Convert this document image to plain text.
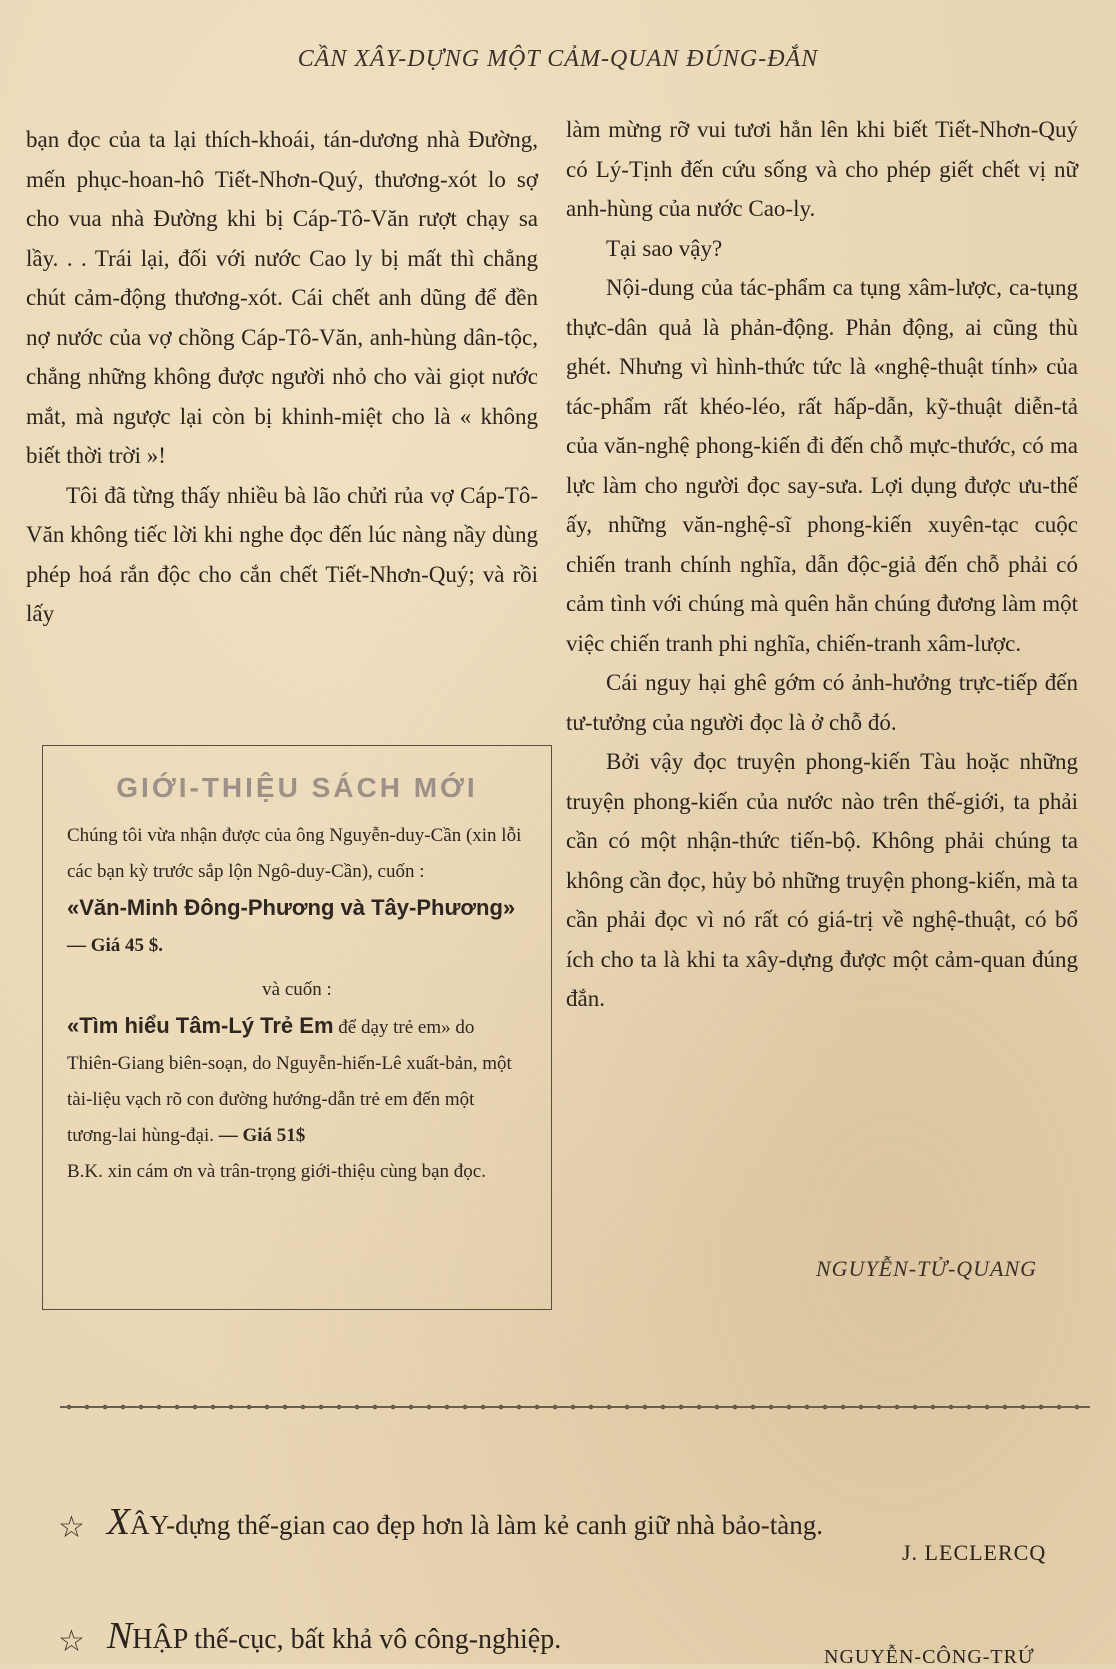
CẦN XÂY-DỰNG MỘT CẢM-QUAN ĐÚNG-ĐẮN

bạn đọc của ta lại thích-khoái, tán-dương nhà Đường, mến phục-hoan-hô Tiết-Nhơn-Quý, thương-xót lo sợ cho vua nhà Đường khi bị Cáp-Tô-Văn rượt chạy sa lầy. . . Trái lại, đối với nước Cao ly bị mất thì chẳng chút cảm-động thương-xót. Cái chết anh dũng để đền nợ nước của vợ chồng Cáp-Tô-Văn, anh-hùng dân-tộc, chẳng những không được người nhỏ cho vài giọt nước mắt, mà ngược lại còn bị khinh-miệt cho là « không biết thời trời »!

Tôi đã từng thấy nhiều bà lão chửi rủa vợ Cáp-Tô-Văn không tiếc lời khi nghe đọc đến lúc nàng nầy dùng phép hoá rắn độc cho cắn chết Tiết-Nhơn-Quý; và rồi lấy

làm mừng rỡ vui tươi hẳn lên khi biết Tiết-Nhơn-Quý có Lý-Tịnh đến cứu sống và cho phép giết chết vị nữ anh-hùng của nước Cao-ly.

Tại sao vậy?

Nội-dung của tác-phẩm ca tụng xâm-lược, ca-tụng thực-dân quả là phản-động. Phản động, ai cũng thù ghét. Nhưng vì hình-thức tức là «nghệ-thuật tính» của tác-phẩm rất khéo-léo, rất hấp-dẫn, kỹ-thuật diễn-tả của văn-nghệ phong-kiến đi đến chỗ mực-thước, có ma lực làm cho người đọc say-sưa. Lợi dụng được ưu-thế ấy, những văn-nghệ-sĩ phong-kiến xuyên-tạc cuộc chiến tranh chính nghĩa, dẫn độc-giả đến chỗ phải có cảm tình với chúng mà quên hẳn chúng đương làm một việc chiến tranh phi nghĩa, chiến-tranh xâm-lược.

Cái nguy hại ghê gớm có ảnh-hưởng trực-tiếp đến tư-tưởng của người đọc là ở chỗ đó.

Bởi vậy đọc truyện phong-kiến Tàu hoặc những truyện phong-kiến của nước nào trên thế-giới, ta phải cần có một nhận-thức tiến-bộ. Không phải chúng ta không cần đọc, hủy bỏ những truyện phong-kiến, mà ta cần phải đọc vì nó rất có giá-trị về nghệ-thuật, có bổ ích cho ta là khi ta xây-dựng được một cảm-quan đúng đắn.

NGUYỄN-TỬ-QUANG
GIỚI-THIỆU SÁCH MỚI

Chúng tôi vừa nhận được của ông Nguyễn-duy-Cần (xin lỗi các bạn kỳ trước sắp lộn Ngô-duy-Cần), cuốn :

«Văn-Minh Đông-Phương và Tây-Phương» — Giá 45 $.

và cuốn :

«Tìm hiểu Tâm-Lý Trẻ Em để dạy trẻ em» do Thiên-Giang biên-soạn, do Nguyễn-hiến-Lê xuất-bản, một tài-liệu vạch rõ con đường hướng-dẫn trẻ em đến một tương-lai hùng-đại. — Giá 51$

B.K. xin cám ơn và trân-trọng giới-thiệu cùng bạn đọc.

☆ XÂY-dựng thế-gian cao đẹp hơn là làm kẻ canh giữ nhà bảo-tàng.
J. LECLERCQ
☆ NHẬP thế-cục, bất khả vô công-nghiệp.
NGUYỄN-CÔNG-TRỨ
